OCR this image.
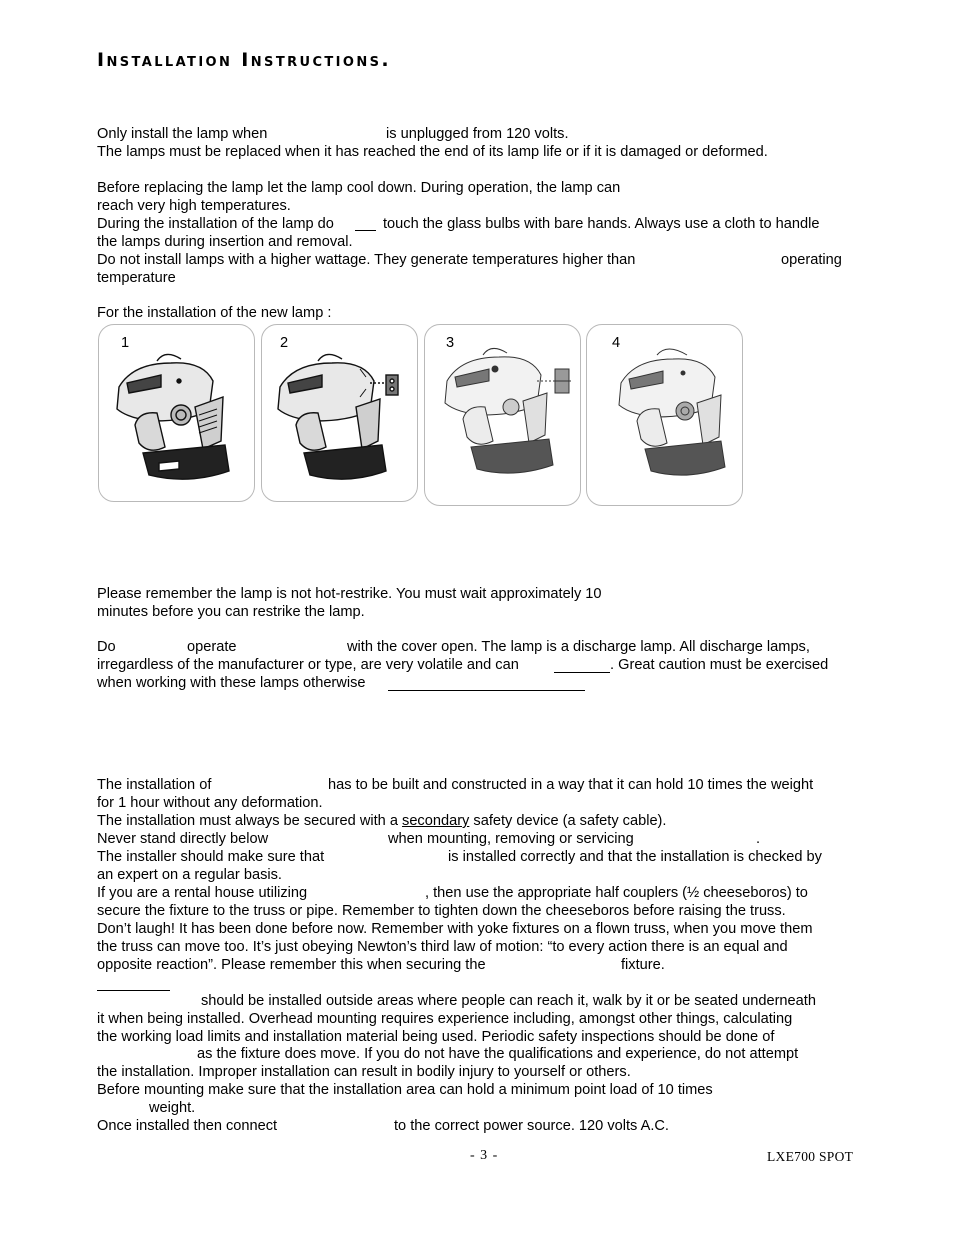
Installation Instructions.
Only install the lamp when	is unplugged from 120 volts.
The lamps must be replaced when it has reached the end of its lamp life or if it is damaged or deformed.
Before replacing the lamp let the lamp cool down. During operation, the lamp can
reach very high temperatures.
During the installation of the lamp do	touch the glass bulbs with bare hands. Always use a cloth to handle
the lamps during insertion and removal.
Do not install lamps with a higher wattage. They generate temperatures higher than	operating
temperature
For the installation of the new lamp :
1	2	3	4
Please remember the lamp is not hot-restrike. You must wait approximately 10
minutes before you can restrike the lamp.
Do	operate	with the cover open. The lamp is a discharge lamp. All discharge lamps,
irregardless of the manufacturer or type, are very volatile and can	. Great caution must be exercised
when working with these lamps otherwise
The installation of	has to be built and constructed in a way that it can hold 10 times the weight
for 1 hour without any deformation.
The installation must always be secured with a secondary safety device (a safety cable).
Never stand directly below	when mounting, removing or servicing	.
The installer should make sure that	is installed correctly and that the installation is checked by
an expert on a regular basis.
If you are a rental house utilizing	, then use the appropriate half couplers (½ cheeseboros) to
secure the fixture to the truss or pipe. Remember to tighten down the cheeseboros before raising the truss.
Don’t laugh! It has been done before now. Remember with yoke fixtures on a flown truss, when you move them
the truss can move too. It’s just obeying Newton’s third law of motion: “to every action there is an equal and
opposite reaction”. Please remember this when securing the	fixture.
should be installed outside areas where people can reach it, walk by it or be seated underneath
it when being installed. Overhead mounting requires experience including, amongst other things, calculating
the working load limits and installation material being used. Periodic safety inspections should be done of
as the fixture does move. If you do not have the qualifications and experience, do not attempt
the installation. Improper installation can result in bodily injury to yourself or others.
Before mounting make sure that the installation area can hold a minimum point load of 10 times
weight.
Once installed then connect	to the correct power source. 120 volts A.C.
- 3 -	LXE700 SPOT
